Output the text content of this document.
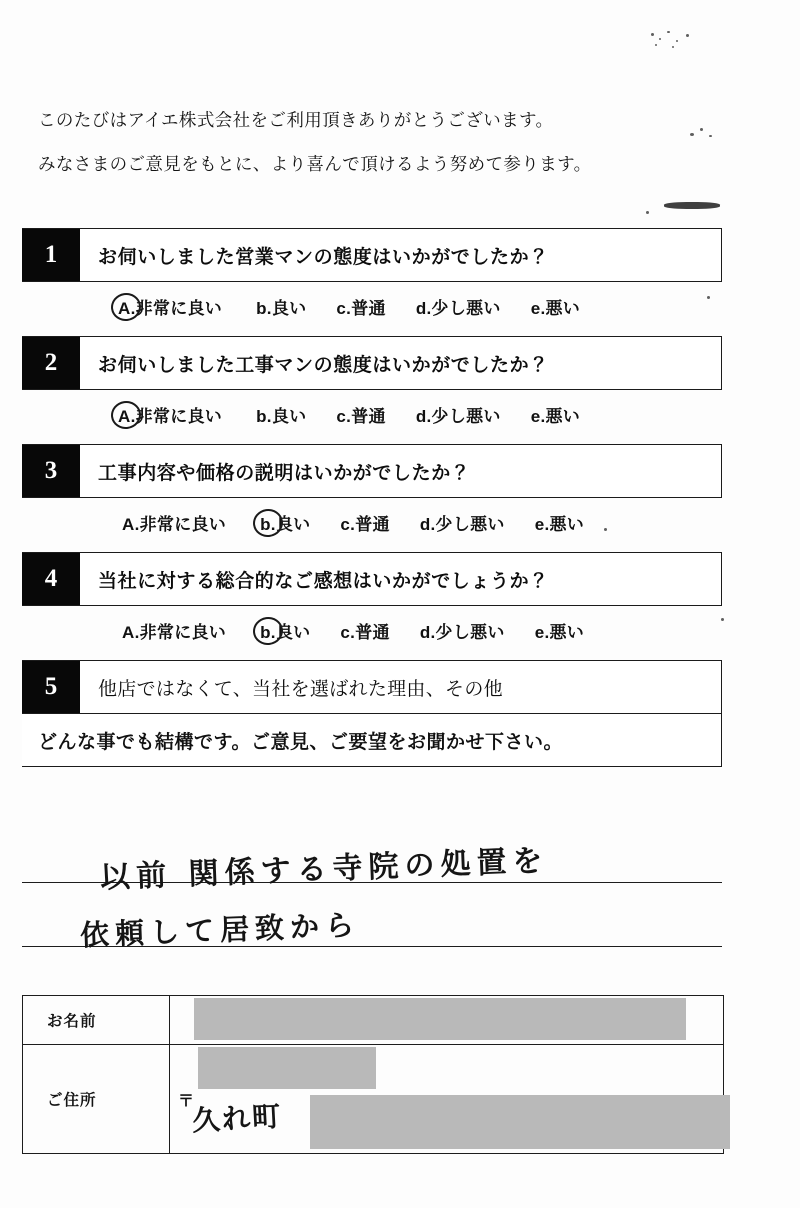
このたびはアイエ株式会社をご利用頂きありがとうございます。
みなさまのご意見をもとに、より喜んで頂けるよう努めて参ります。
1	お伺いしました営業マンの態度はいかがでしたか？
A.非常に良い b.良い c.普通 d.少し悪い e.悪い
2	お伺いしました工事マンの態度はいかがでしたか？
A.非常に良い b.良い c.普通 d.少し悪い e.悪い
3	工事内容や価格の説明はいかがでしたか？
A.非常に良い b.良い c.普通 d.少し悪い e.悪い
4	当社に対する総合的なご感想はいかがでしょうか？
A.非常に良い b.良い c.普通 d.少し悪い e.悪い
5	他店ではなくて、当社を選ばれた理由、その他
どんな事でも結構です。ご意見、ご要望をお聞かせ下さい。
以前 関係する寺院の処置を
依頼して居致から
お名前
ご住所	〒
久れ町
